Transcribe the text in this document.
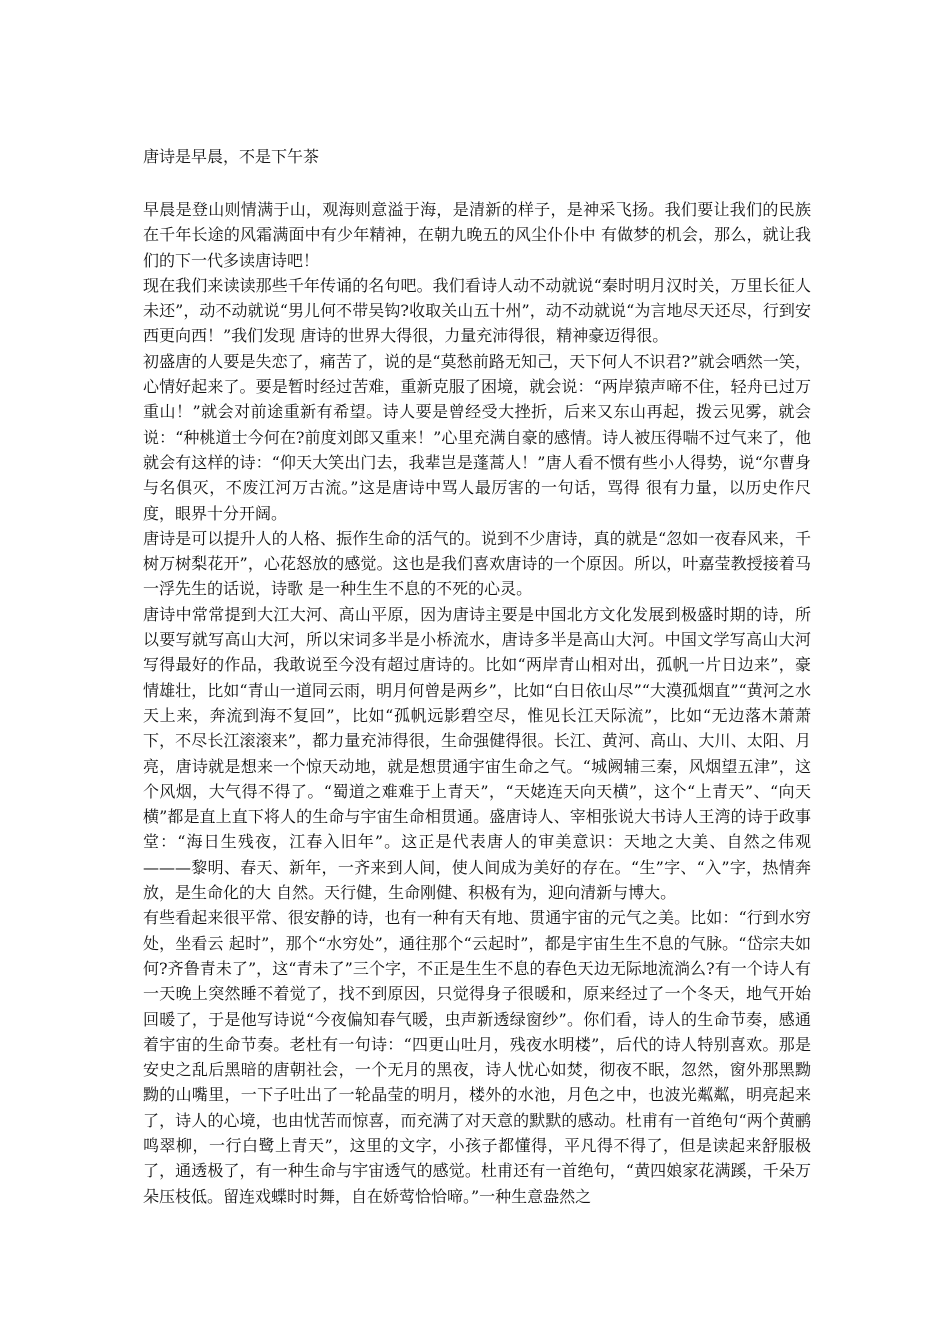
唐诗是早晨，不是下午茶

早晨是登山则情满于山，观海则意溢于海，是清新的样子，是神采飞扬。我们要让我们的民族在千年长途的风霜满面中有少年精神，在朝九晚五的风尘仆仆中 有做梦的机会，那么，就让我们的下一代多读唐诗吧！

现在我们来读读那些千年传诵的名句吧。我们看诗人动不动就说“秦时明月汉时关，万里长征人未还”，动不动就说“男儿何不带吴钩?收取关山五十州”，动不动就说“为言地尽天还尽，行到安西更向西！”我们发现 唐诗的世界大得很，力量充沛得很，精神豪迈得很。

初盛唐的人要是失恋了，痛苦了，说的是“莫愁前路无知己，天下何人不识君?”就会哂然一笑，心情好起来了。要是暂时经过苦难，重新克服了困境，就会说：“两岸猿声啼不住，轻舟已过万重山！”就会对前途重新有希望。诗人要是曾经受大挫折，后来又东山再起，拨云见雾，就会说：“种桃道士今何在?前度刘郎又重来！”心里充满自豪的感情。诗人被压得喘不过气来了，他就会有这样的诗：“仰天大笑出门去，我辈岂是蓬蒿人！”唐人看不惯有些小人得势，说“尔曹身与名俱灭，不废江河万古流。”这是唐诗中骂人最厉害的一句话，骂得 很有力量，以历史作尺度，眼界十分开阔。

唐诗是可以提升人的人格、振作生命的活气的。说到不少唐诗，真的就是“忽如一夜春风来，千树万树梨花开”，心花怒放的感觉。这也是我们喜欢唐诗的一个原因。所以，叶嘉莹教授接着马一浮先生的话说，诗歌 是一种生生不息的不死的心灵。

唐诗中常常提到大江大河、高山平原，因为唐诗主要是中国北方文化发展到极盛时期的诗，所以要写就写高山大河，所以宋词多半是小桥流水，唐诗多半是高山大河。中国文学写高山大河写得最好的作品，我敢说至今没有超过唐诗的。比如“两岸青山相对出，孤帆一片日边来”，豪情雄壮，比如“青山一道同云雨，明月何曾是两乡”，比如“白日依山尽”“大漠孤烟直”“黄河之水天上来，奔流到海不复回”，比如“孤帆远影碧空尽，惟见长江天际流”，比如“无边落木萧萧下，不尽长江滚滚来”，都力量充沛得很，生命强健得很。长江、黄河、高山、大川、太阳、月亮，唐诗就是想来一个惊天动地，就是想贯通宇宙生命之气。“城阙辅三秦，风烟望五津”，这个风烟，大气得不得了。“蜀道之难难于上青天”，“天姥连天向天横”，这个“上青天”、“向天横”都是直上直下将人的生命与宇宙生命相贯通。盛唐诗人、宰相张说大书诗人王湾的诗于政事堂：“海日生残夜，江春入旧年”。这正是代表唐人的审美意识：天地之大美、自然之伟观———黎明、春天、新年，一齐来到人间，使人间成为美好的存在。“生”字、“入”字，热情奔放，是生命化的大 自然。天行健，生命刚健、积极有为，迎向清新与博大。

有些看起来很平常、很安静的诗，也有一种有天有地、贯通宇宙的元气之美。比如：“行到水穷处，坐看云 起时”，那个“水穷处”，通往那个“云起时”，都是宇宙生生不息的气脉。“岱宗夫如何?齐鲁青未了”，这“青未了”三个字，不正是生生不息的春色天边无际地流淌么?有一个诗人有一天晚上突然睡不着觉了，找不到原因，只觉得身子很暖和，原来经过了一个冬天，地气开始回暖了，于是他写诗说“今夜偏知春气暖，虫声新透绿窗纱”。你们看，诗人的生命节奏，感通着宇宙的生命节奏。老杜有一句诗：“四更山吐月，残夜水明楼”，后代的诗人特别喜欢。那是安史之乱后黑暗的唐朝社会，一个无月的黑夜，诗人忧心如焚，彻夜不眠，忽然，窗外那黑黝黝的山嘴里，一下子吐出了一轮晶莹的明月，楼外的水池，月色之中，也波光粼粼，明亮起来了，诗人的心境，也由忧苦而惊喜，而充满了对天意的默默的感动。杜甫有一首绝句“两个黄鹂鸣翠柳，一行白鹭上青天”，这里的文字，小孩子都懂得，平凡得不得了，但是读起来舒服极了，通透极了，有一种生命与宇宙透气的感觉。杜甫还有一首绝句，“黄四娘家花满蹊，千朵万朵压枝低。留连戏蝶时时舞，自在娇莺恰恰啼。”一种生意盎然之
